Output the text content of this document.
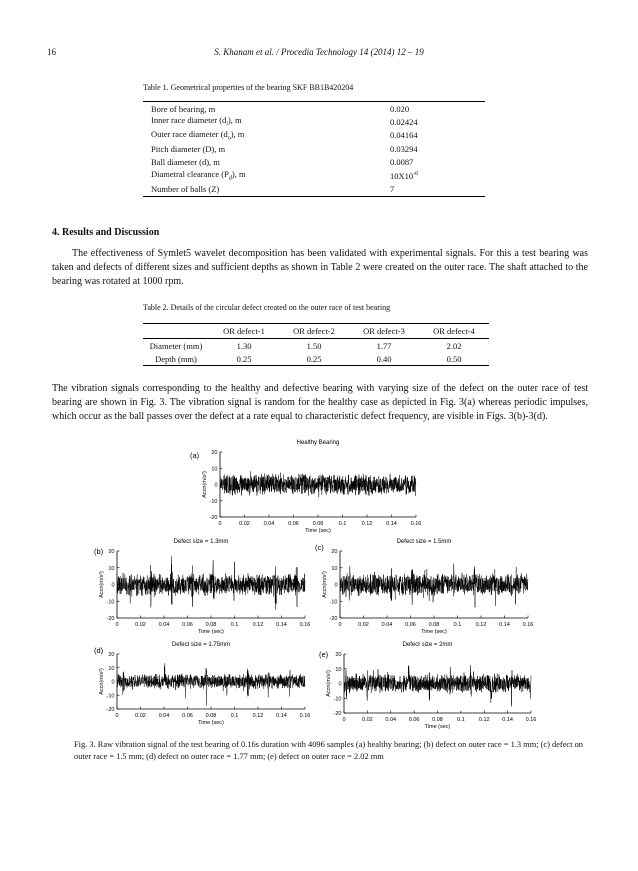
16	S. Khanam et al. / Procedia Technology 14 (2014) 12 – 19
Table 1. Geometrical properties of the bearing SKF BB1B420204
Bore of bearing, m	0.020
Inner race diameter $(d_i)$, m	0.02424
Outer race diameter $(d_o)$, m	0.04164
Pitch diameter (D), m	0.03294
Ball diameter (d), m	0.0087
Diametral clearance $(P_d)$, m	$10X10^{-6}$
Number of balls (Z)	7
4. Results and Discussion
The effectiveness of Symlet5 wavelet decomposition has been validated with experimental signals. For this a test bearing was taken and defects of different sizes and sufficient depths as shown in Table 2 were created on the outer race. The shaft attached to the bearing was rotated at 1000 rpm.
Table 2. Details of the circular defect created on the outer race of test bearing
	OR defect-1	OR defect-2	OR defect-3	OR defect-4
Diameter (mm)	1.30	1.50	1.77	2.02
Depth (mm)	0.25	0.25	0.40	0.50
The vibration signals corresponding to the healthy and defective bearing with varying size of the defect on the outer race of test bearing are shown in Fig. 3. The vibration signal is random for the healthy case as depicted in Fig. 3(a) whereas periodic impulses, which occur as the ball passes over the defect at a rate equal to characteristic defect frequency, are visible in Figs. 3(b)-3(d).
0	0.02	0.04	0.06	0.08	0.1	0.12	0.14	0.16
20
10
0
-10
-20
Healthy Bearing
Time (sec)
Accn(m/s²)
(a)
0	0.02 0.04 0.06 0.08	0.1	0.12 0.14 0.16
20
10
0
-10
-20
Defect size = 1.3mm
Time (sec)
Accn(m/s²)
(b)
0	0.02 0.04 0.06 0.08	0.1	0.12 0.14 0.16
20
10
0
-10
-20
Defect size = 1.5mm
Time (sec)
Accn(m/s²)
(c)
0	0.02 0.04 0.06 0.08	0.1	0.12 0.14 0.16
20
10
0
-10
-20
Defect size = 1.75mm
Time (sec)
Accn(m/s²)
(d)
0	0.02 0.04 0.06 0.08	0.1	0.12 0.14 0.16
20
10
0
-10
-20
Defect size = 2mm
Time (sec)
Accn(m/s²)
(e)
Fig. 3. Raw vibration signal of the test bearing of 0.16s duration with 4096 samples (a) healthy bearing; (b) defect on outer race = 1.3 mm; (c) defect on outer race = 1.5 mm; (d) defect on outer race = 1.77 mm; (e) defect on outer race = 2.02 mm
